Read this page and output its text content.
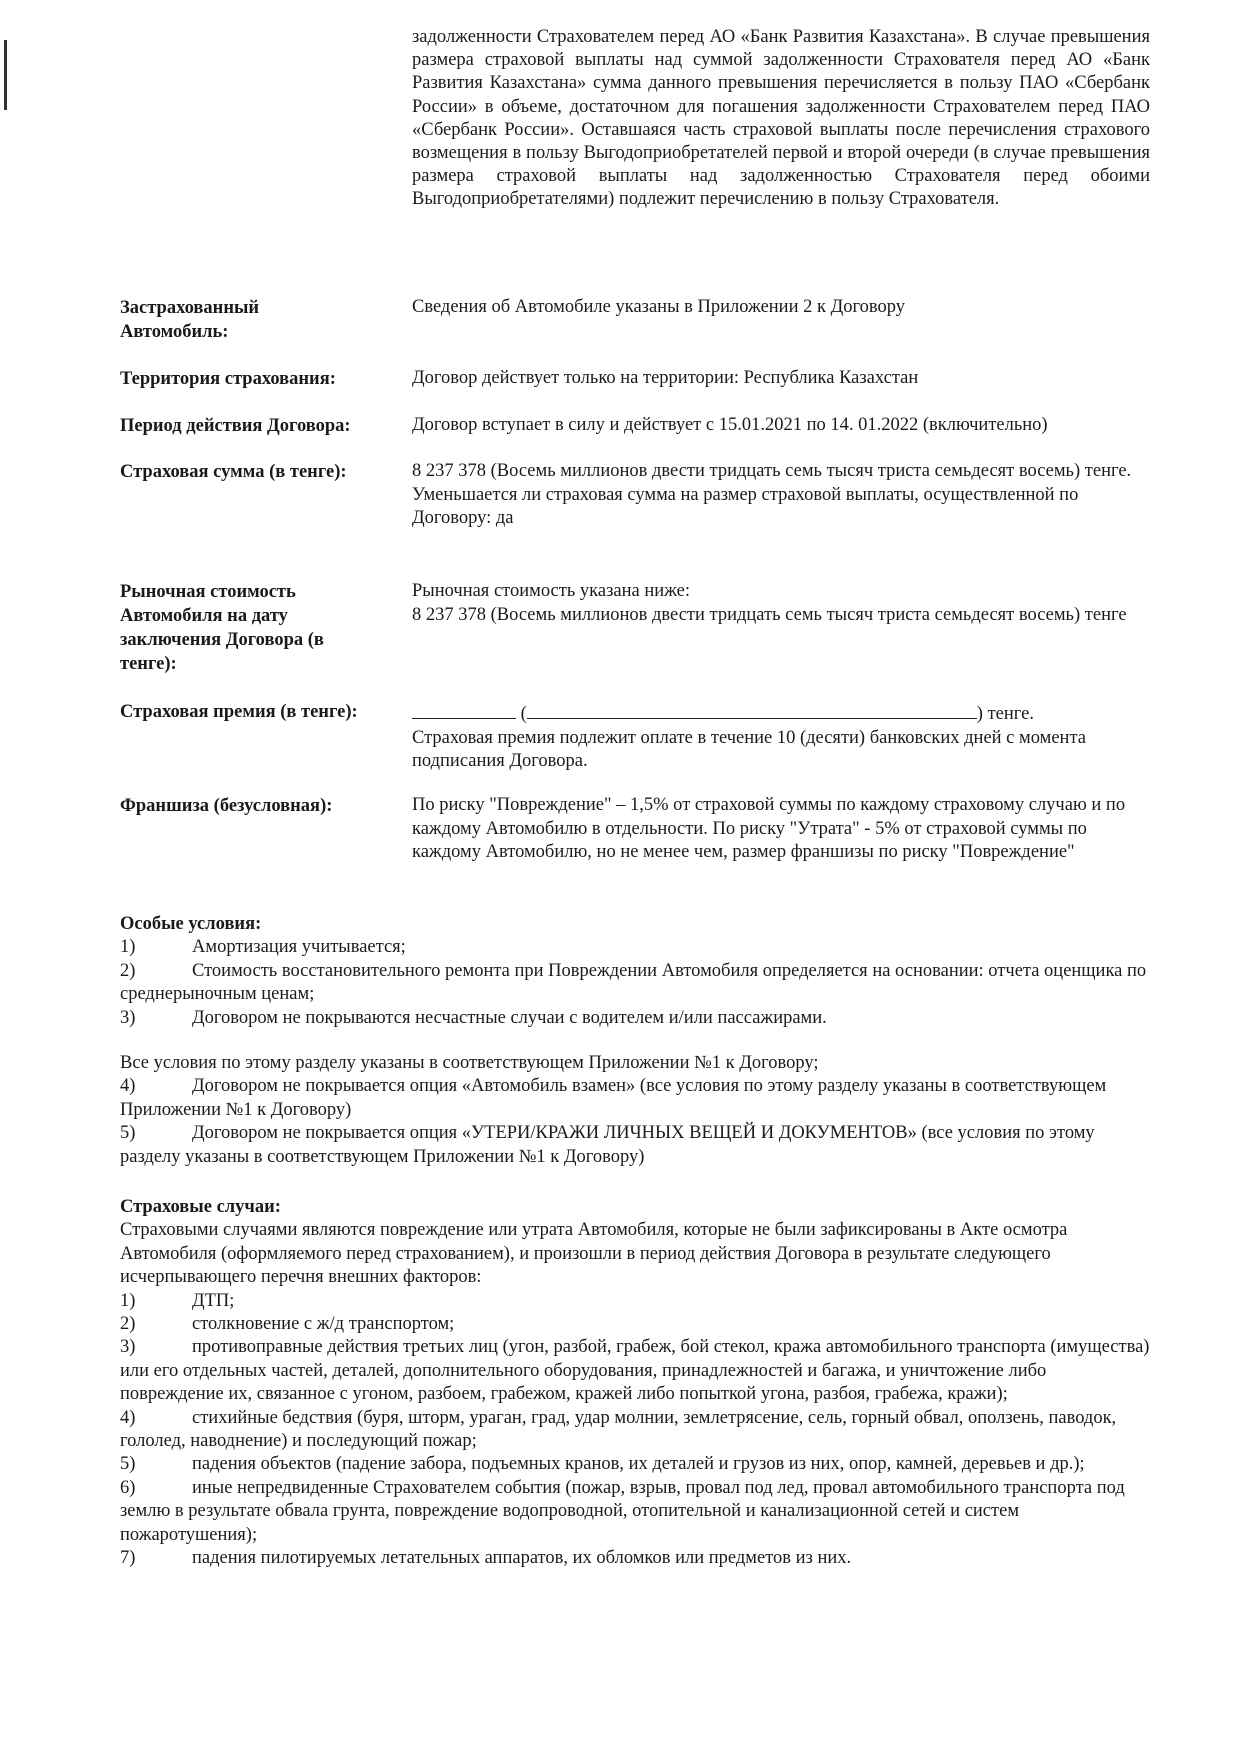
задолженности Страхователем перед АО «Банк Развития Казахстана». В случае превышения размера страховой выплаты над суммой задолженности Страхователя перед АО «Банк Развития Казахстана» сумма данного превышения перечисляется в пользу ПАО «Сбербанк России» в объеме, достаточном для погашения задолженности Страхователем перед ПАО «Сбербанк России». Оставшаяся часть страховой выплаты после перечисления страхового возмещения в пользу Выгодоприобретателей первой и второй очереди (в случае превышения размера страховой выплаты над задолженностью Страхователя перед обоими Выгодоприобретателями) подлежит перечислению в пользу Страхователя.

Застрахованный Автомобиль:
Сведения об Автомобиле указаны в Приложении 2 к Договору
Территория страхования:	Договор действует только на территории: Республика Казахстан
Период действия Договора:	Договор вступает в силу и действует с 15.01.2021 по 14. 01.2022 (включительно)
Страховая сумма (в тенге):	8 237 378 (Восемь миллионов двести тридцать семь тысяч триста семьдесят восемь) тенге.

Уменьшается ли страховая сумма на размер страховой выплаты, осуществленной по Договору: да

Рыночная стоимость Автомобиля на дату заключения Договора (в тенге):

Рыночная стоимость указана ниже:

8 237 378 (Восемь миллионов двести тридцать семь тысяч триста семьдесят восемь) тенге

Страховая премия (в тенге):	(	) тенге.

Страховая премия подлежит оплате в течение 10 (десяти) банковских дней с момента подписания Договора.

Франшиза (безусловная):	По риску "Повреждение" – 1,5% от страховой суммы по каждому страховому случаю и по каждому Автомобилю в отдельности. По риску "Утрата" - 5% от страховой суммы по каждому Автомобилю, но не менее чем, размер франшизы по риску "Повреждение"

Особые условия:

1)	Амортизация учитывается;

2)	Стоимость восстановительного ремонта при Повреждении Автомобиля определяется на основании: отчета оценщика по среднерыночным ценам;

3)	Договором не покрываются несчастные случаи с водителем и/или пассажирами.

Все условия по этому разделу указаны в соответствующем Приложении №1 к Договору;

4)	Договором не покрывается опция «Автомобиль взамен» (все условия по этому разделу указаны в соответствующем Приложении №1 к Договору)

5)	Договором не покрывается опция «УТЕРИ/КРАЖИ ЛИЧНЫХ ВЕЩЕЙ И ДОКУМЕНТОВ» (все условия по этому разделу указаны в соответствующем Приложении №1 к Договору)

Страховые случаи:

Страховыми случаями являются повреждение или утрата Автомобиля, которые не были зафиксированы в Акте осмотра Автомобиля (оформляемого перед страхованием), и произошли в период действия Договора в результате следующего исчерпывающего перечня внешних факторов:

1)	ДТП;

2)	столкновение с ж/д транспортом;

3)	противоправные действия третьих лиц (угон, разбой, грабеж, бой стекол, кража автомобильного транспорта (имущества) или его отдельных частей, деталей, дополнительного оборудования, принадлежностей и багажа, и уничтожение либо повреждение их, связанное с угоном, разбоем, грабежом, кражей либо попыткой угона, разбоя, грабежа, кражи);

4)	стихийные бедствия (буря, шторм, ураган, град, удар молнии, землетрясение, сель, горный обвал, оползень, паводок, гололед, наводнение) и последующий пожар;

5)	падения объектов (падение забора, подъемных кранов, их деталей и грузов из них, опор, камней, деревьев и др.);

6)	иные непредвиденные Страхователем события (пожар, взрыв, провал под лед, провал автомобильного транспорта под землю в результате обвала грунта, повреждение водопроводной, отопительной и канализационной сетей и систем пожаротушения);

7)	падения пилотируемых летательных аппаратов, их обломков или предметов из них.
